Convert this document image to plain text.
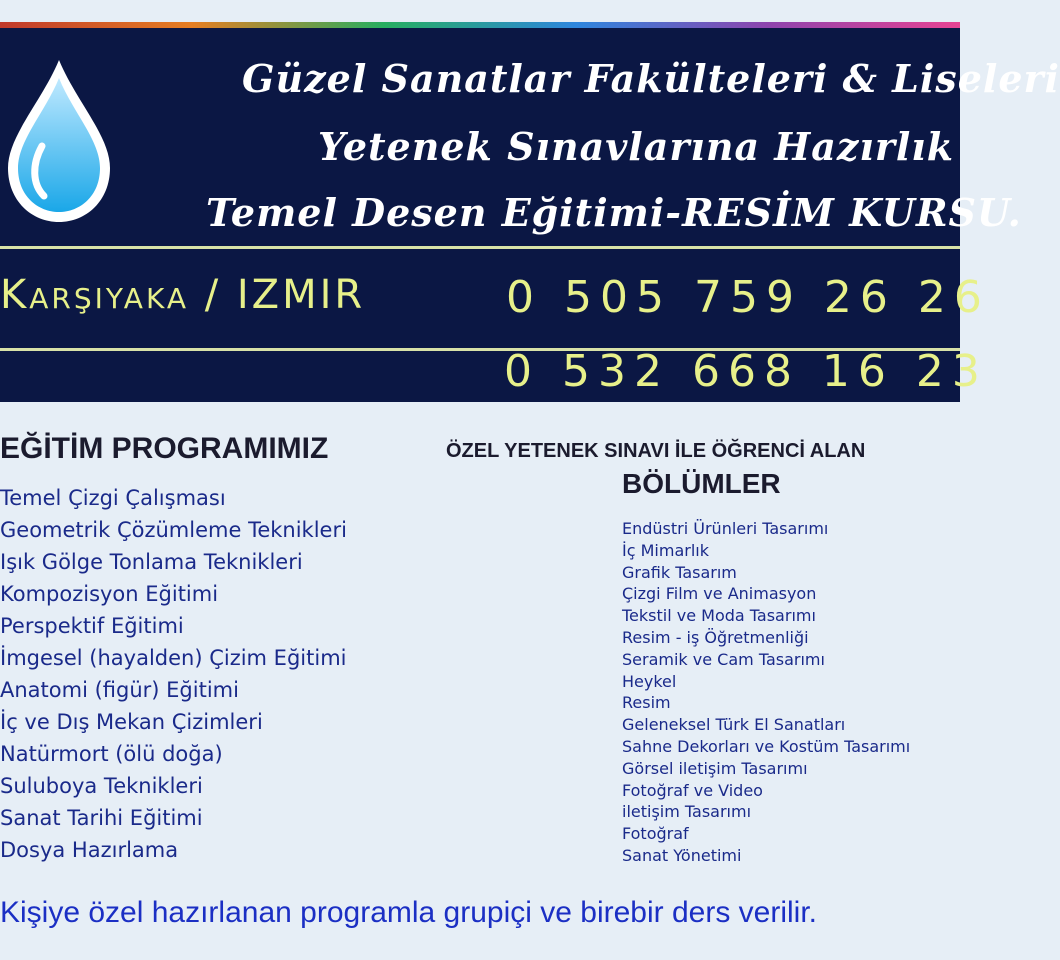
Güzel Sanatlar Fakülteleri & Liseleri
Yetenek Sınavlarına Hazırlık
Temel Desen Eğitimi-RESİM KURSU.
Karşıyaka / IZMIR	0 505 759 26 26
0 532 668 16 23
EĞİTİM PROGRAMIMIZ
Temel Çizgi Çalışması
Geometrik Çözümleme Teknikleri
Işık Gölge Tonlama Teknikleri
Kompozisyon Eğitimi
Perspektif Eğitimi
İmgesel (hayalden) Çizim Eğitimi
Anatomi (figür) Eğitimi
İç ve Dış Mekan Çizimleri
Natürmort (ölü doğa)
Suluboya Teknikleri
Sanat Tarihi Eğitimi
Dosya Hazırlama
ÖZEL YETENEK SINAVI İLE ÖĞRENCİ ALAN
BÖLÜMLER
Endüstri Ürünleri Tasarımı
İç Mimarlık
Grafik Tasarım
Çizgi Film ve Animasyon
Tekstil ve Moda Tasarımı
Resim - iş Öğretmenliği
Seramik ve Cam Tasarımı
Heykel
Resim
Geleneksel Türk El Sanatları
Sahne Dekorları ve Kostüm Tasarımı
Görsel iletişim Tasarımı
Fotoğraf ve Video
iletişim Tasarımı
Fotoğraf
Sanat Yönetimi
Kişiye özel hazırlanan programla grupiçi ve birebir ders verilir.
